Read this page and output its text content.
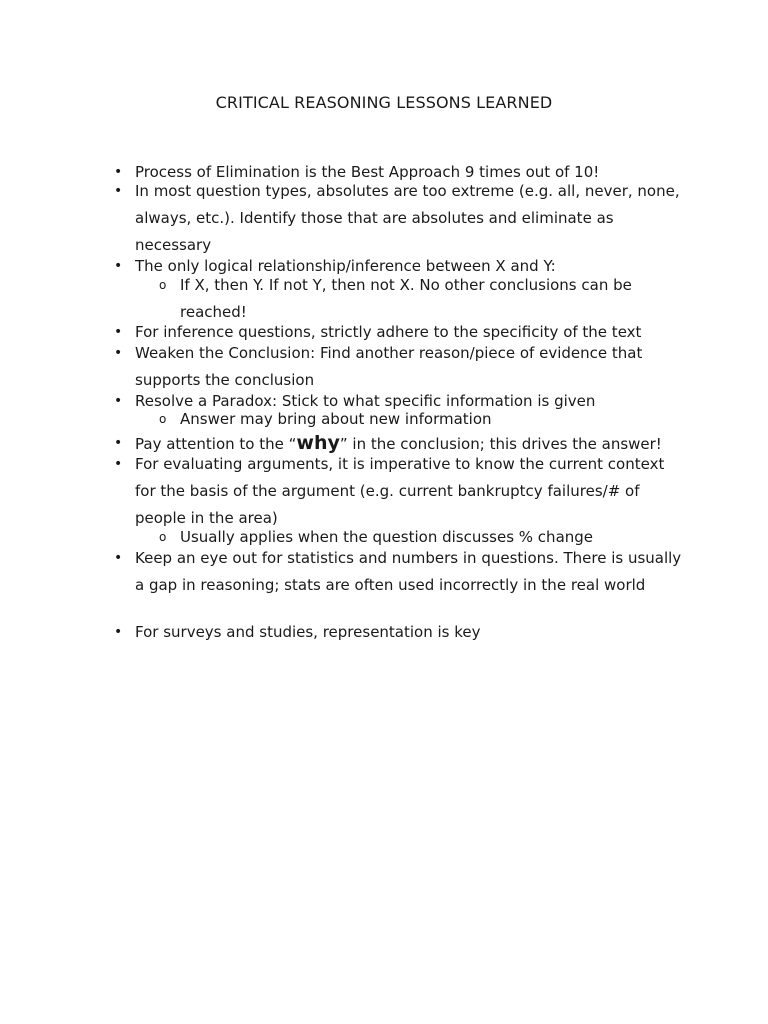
CRITICAL REASONING LESSONS LEARNED
• Process of Elimination is the Best Approach 9 times out of 10!
• In most question types, absolutes are too extreme (e.g. all, never, none, always, etc.). Identify those that are absolutes and eliminate as necessary
• The only logical relationship/inference between X and Y:
o If X, then Y. If not Y, then not X. No other conclusions can be reached!
• For inference questions, strictly adhere to the specificity of the text
• Weaken the Conclusion: Find another reason/piece of evidence that supports the conclusion
• Resolve a Paradox: Stick to what specific information is given
o Answer may bring about new information
• Pay attention to the “why” in the conclusion; this drives the answer!
• For evaluating arguments, it is imperative to know the current context for the basis of the argument (e.g. current bankruptcy failures/# of people in the area)
o Usually applies when the question discusses % change
• Keep an eye out for statistics and numbers in questions. There is usually a gap in reasoning; stats are often used incorrectly in the real world
• For surveys and studies, representation is key
